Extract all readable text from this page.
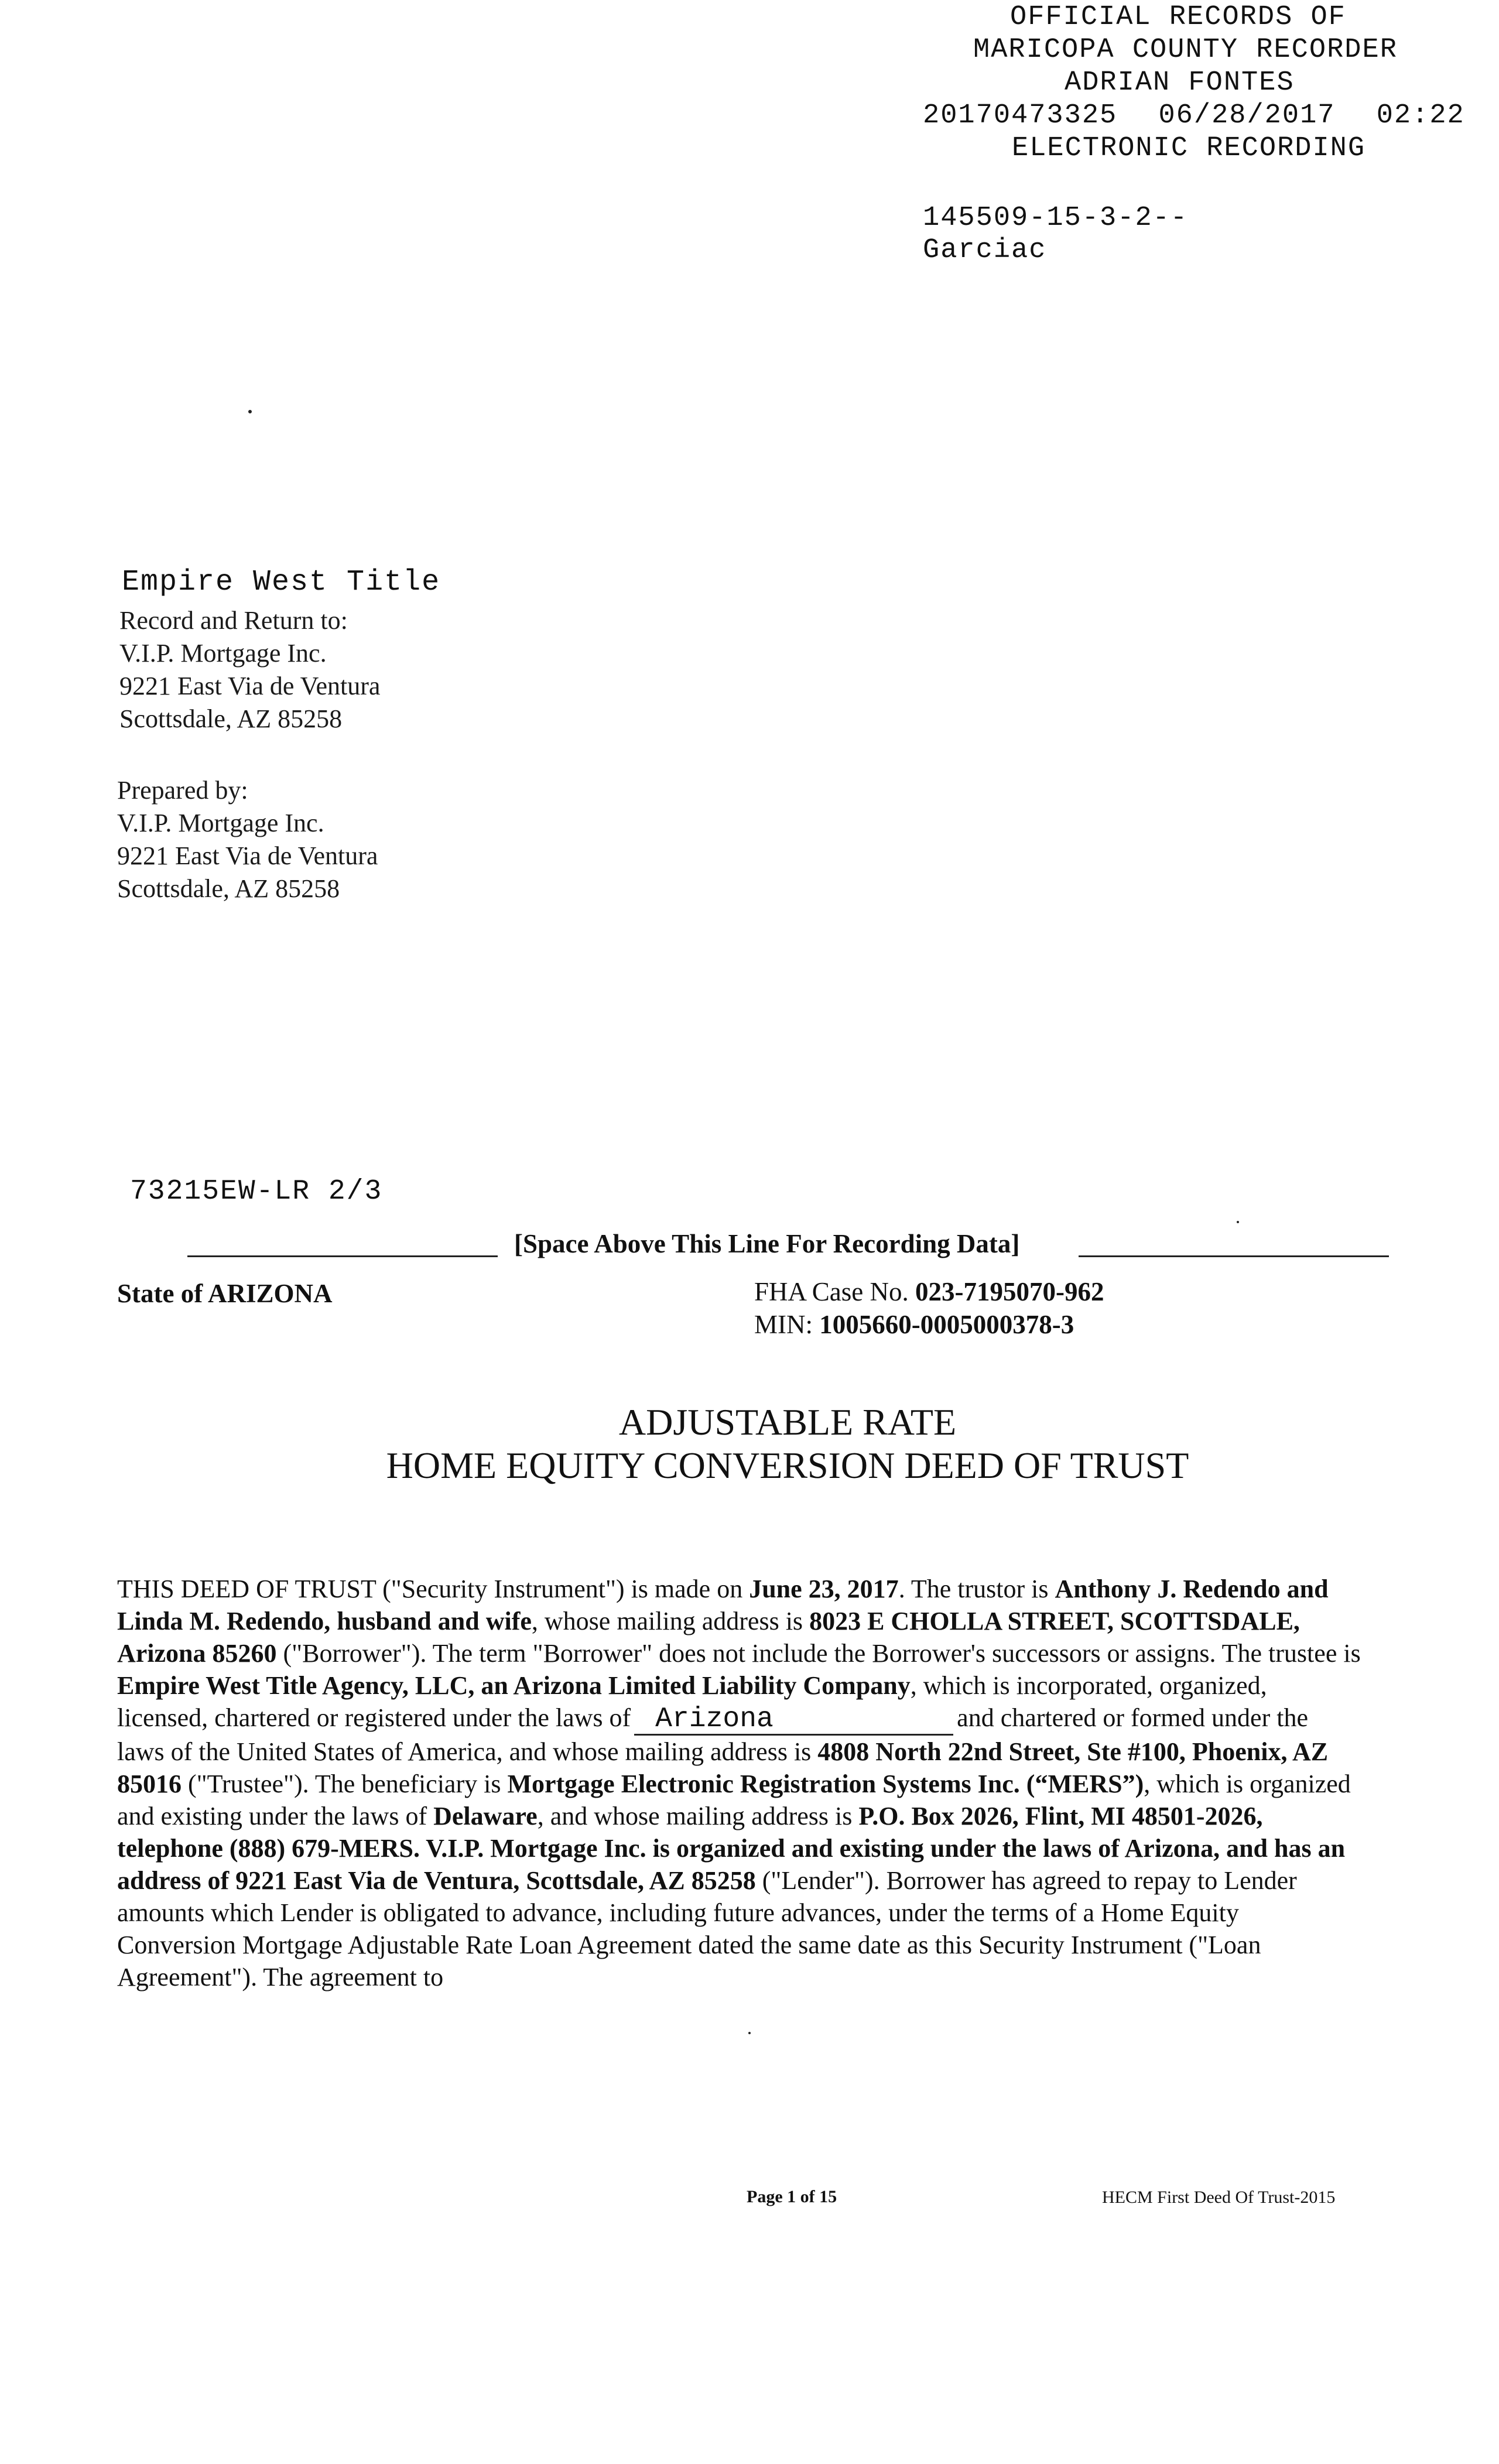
OFFICIAL RECORDS OF
MARICOPA COUNTY RECORDER
ADRIAN FONTES
20170473325 06/28/2017 02:22
ELECTRONIC RECORDING
145509-15-3-2--
Garciac
Empire West Title
Record and Return to:
V.I.P. Mortgage Inc.
9221 East Via de Ventura
Scottsdale, AZ 85258
Prepared by:
V.I.P. Mortgage Inc.
9221 East Via de Ventura
Scottsdale, AZ 85258
73215EW-LR 2/3
[Space Above This Line For Recording Data]
State of ARIZONA	FHA Case No. 023-7195070-962
MIN: 1005660-0005000378-3
ADJUSTABLE RATE
HOME EQUITY CONVERSION DEED OF TRUST
THIS DEED OF TRUST ("Security Instrument") is made on June 23, 2017. The trustor is Anthony J. Redendo and Linda M. Redendo, husband and wife, whose mailing address is 8023 E CHOLLA STREET, SCOTTSDALE, Arizona 85260 ("Borrower"). The term "Borrower" does not include the Borrower's successors or assigns. The trustee is Empire West Title Agency, LLC, an Arizona Limited Liability Company, which is incorporated, organized, licensed, chartered or registered under the laws of Arizona	and chartered or formed under the laws of the United States of America, and whose mailing address is 4808 North 22nd Street, Ste #100, Phoenix, AZ 85016 ("Trustee"). The beneficiary is Mortgage Electronic Registration Systems Inc. (“MERS”), which is organized and existing under the laws of Delaware, and whose mailing address is P.O. Box 2026, Flint, MI 48501-2026, telephone (888) 679-MERS. V.I.P. Mortgage Inc. is organized and existing under the laws of Arizona, and has an address of 9221 East Via de Ventura, Scottsdale, AZ 85258 ("Lender"). Borrower has agreed to repay to Lender amounts which Lender is obligated to advance, including future advances, under the terms of a Home Equity Conversion Mortgage Adjustable Rate Loan Agreement dated the same date as this Security Instrument ("Loan Agreement"). The agreement to
Page 1 of 15	HECM First Deed Of Trust-2015
